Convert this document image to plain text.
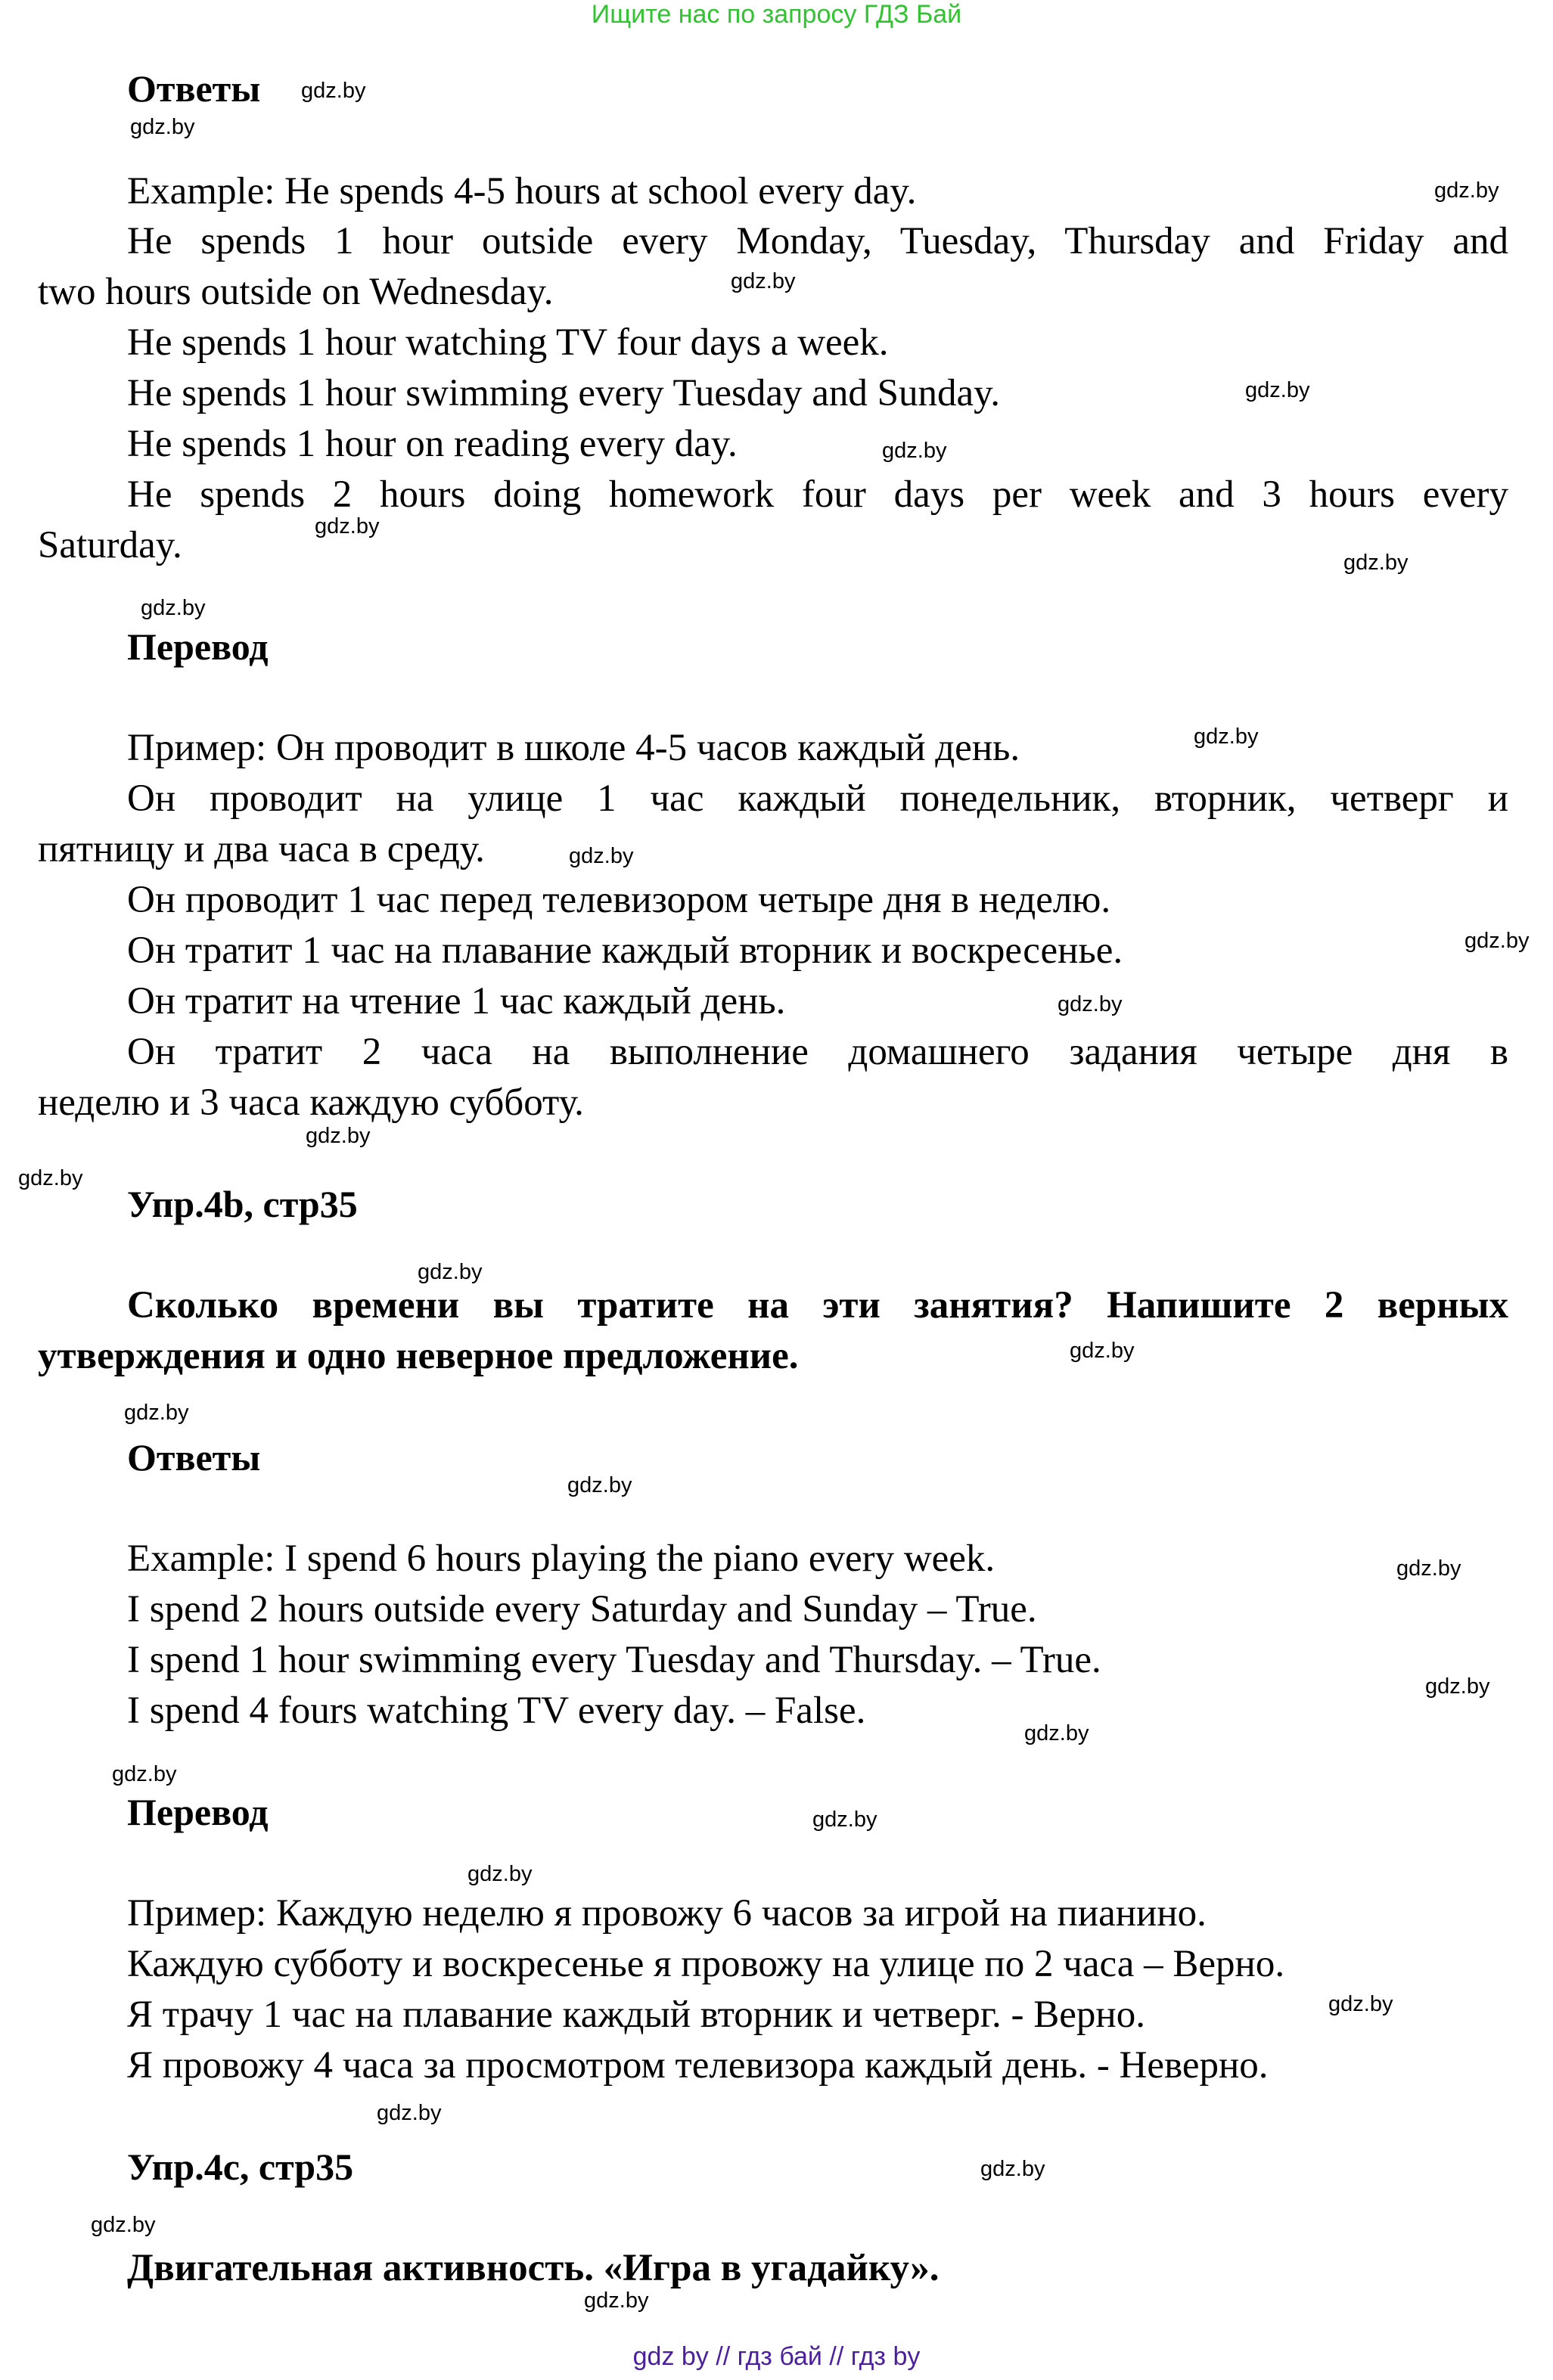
Ищите нас по запросу ГДЗ Бай
Ответы
Example: He spends 4-5 hours at school every day.
He spends 1 hour outside every Monday, Tuesday, Thursday and Friday and
two hours outside on Wednesday.
He spends 1 hour watching TV four days a week.
He spends 1 hour swimming every Tuesday and Sunday.
He spends 1 hour on reading every day.
He spends 2 hours doing homework four days per week and 3 hours every
Saturday.
Перевод
Пример: Он проводит в школе 4-5 часов каждый день.
Он проводит на улице 1 час каждый понедельник, вторник, четверг и
пятницу и два часа в среду.
Он проводит 1 час перед телевизором четыре дня в неделю.
Он тратит 1 час на плавание каждый вторник и воскресенье.
Он тратит на чтение 1 час каждый день.
Он тратит 2 часа на выполнение домашнего задания четыре дня в
неделю и 3 часа каждую субботу.
Упр.4b, стр35
Сколько времени вы тратите на эти занятия? Напишите 2 верных
утверждения и одно неверное предложение.
Ответы
Example: I spend 6 hours playing the piano every week.
I spend 2 hours outside every Saturday and Sunday – True.
I spend 1 hour swimming every Tuesday and Thursday. – True.
I spend 4 fours watching TV every day. – False.
Перевод
Пример: Каждую неделю я провожу 6 часов за игрой на пианино.
Каждую субботу и воскресенье я провожу на улице по 2 часа – Верно.
Я трачу 1 час на плавание каждый вторник и четверг. - Верно.
Я провожу 4 часа за просмотром телевизора каждый день. - Неверно.
Упр.4c, стр35
Двигательная активность. «Игра в угадайку».
gdz.by
gdz.by
gdz.by
gdz.by
gdz.by
gdz.by
gdz.by
gdz.by
gdz.by
gdz.by
gdz.by
gdz.by
gdz.by
gdz.by
gdz.by
gdz.by
gdz.by
gdz.by
gdz.by
gdz.by
gdz.by
gdz.by
gdz.by
gdz.by
gdz.by
gdz.by
gdz.by
gdz.by
gdz.by
gdz.by
gdz by // гдз бай // гдз by
